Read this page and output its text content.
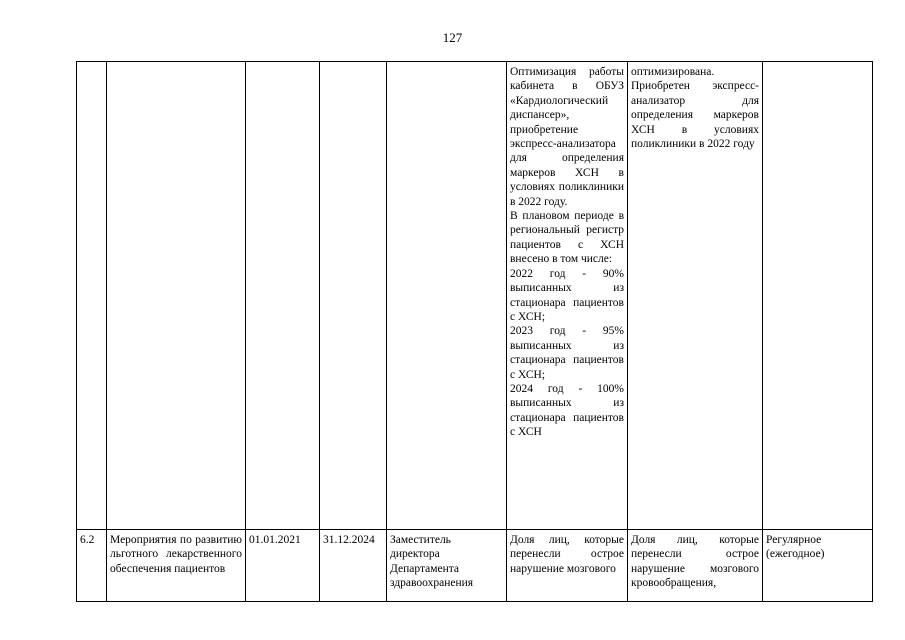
127
					Оптимизация работы кабинета в ОБУЗ «Кардиологический диспансер», приобретение экспресс-анализатора для определения маркеров ХСН в условиях поликлиники в 2022 году.
В плановом периоде в региональный регистр пациентов с ХСН внесено в том числе:
2022 год - 90% выписанных из стационара пациентов с ХСН;
2023 год - 95% выписанных из стационара пациентов с ХСН;
2024 год - 100% выписанных из стационара пациентов с ХСН	оптимизирована. Приобретен экспресс-анализатор для определения маркеров ХСН в условиях поликлиники в 2022 году	
6.2	Мероприятия по развитию льготного лекарственного обеспечения пациентов	01.01.2021	31.12.2024	Заместитель директора Департамента здравоохранения	Доля лиц, которые перенесли острое нарушение мозгового	Доля лиц, которые перенесли острое нарушение мозгового кровообращения,	Регулярное (ежегодное)
